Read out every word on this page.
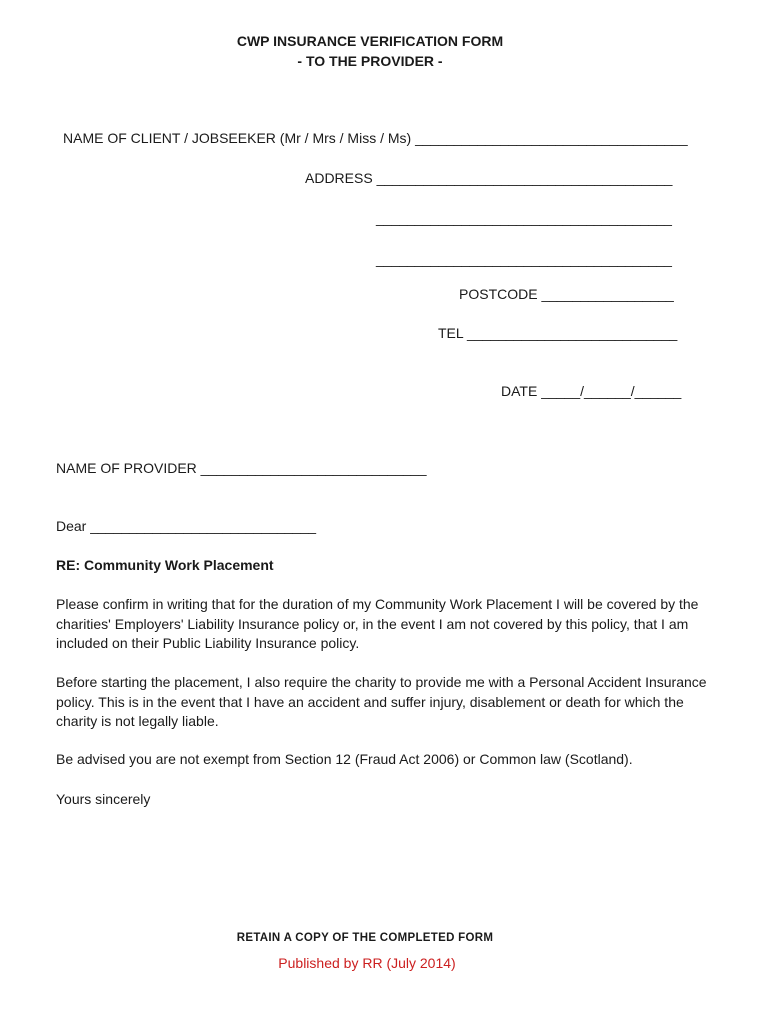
CWP INSURANCE VERIFICATION FORM
- TO THE PROVIDER -
NAME OF CLIENT / JOBSEEKER (Mr / Mrs / Miss / Ms) ___________________________________
ADDRESS ______________________________________
______________________________________
______________________________________
POSTCODE _________________
TEL ___________________________
DATE _____/______/______
NAME OF PROVIDER _____________________________
Dear _____________________________
RE: Community Work Placement
Please confirm in writing that for the duration of my Community Work Placement I will be covered by the charities' Employers' Liability Insurance policy or, in the event I am not covered by this policy, that I am included on their Public Liability Insurance policy.
Before starting the placement, I also require the charity to provide me with a Personal Accident Insurance policy. This is in the event that I have an accident and suffer injury, disablement or death for which the charity is not legally liable.
Be advised you are not exempt from Section 12 (Fraud Act 2006) or Common law (Scotland).
Yours sincerely
RETAIN A COPY OF THE COMPLETED FORM
Published by RR (July 2014)
